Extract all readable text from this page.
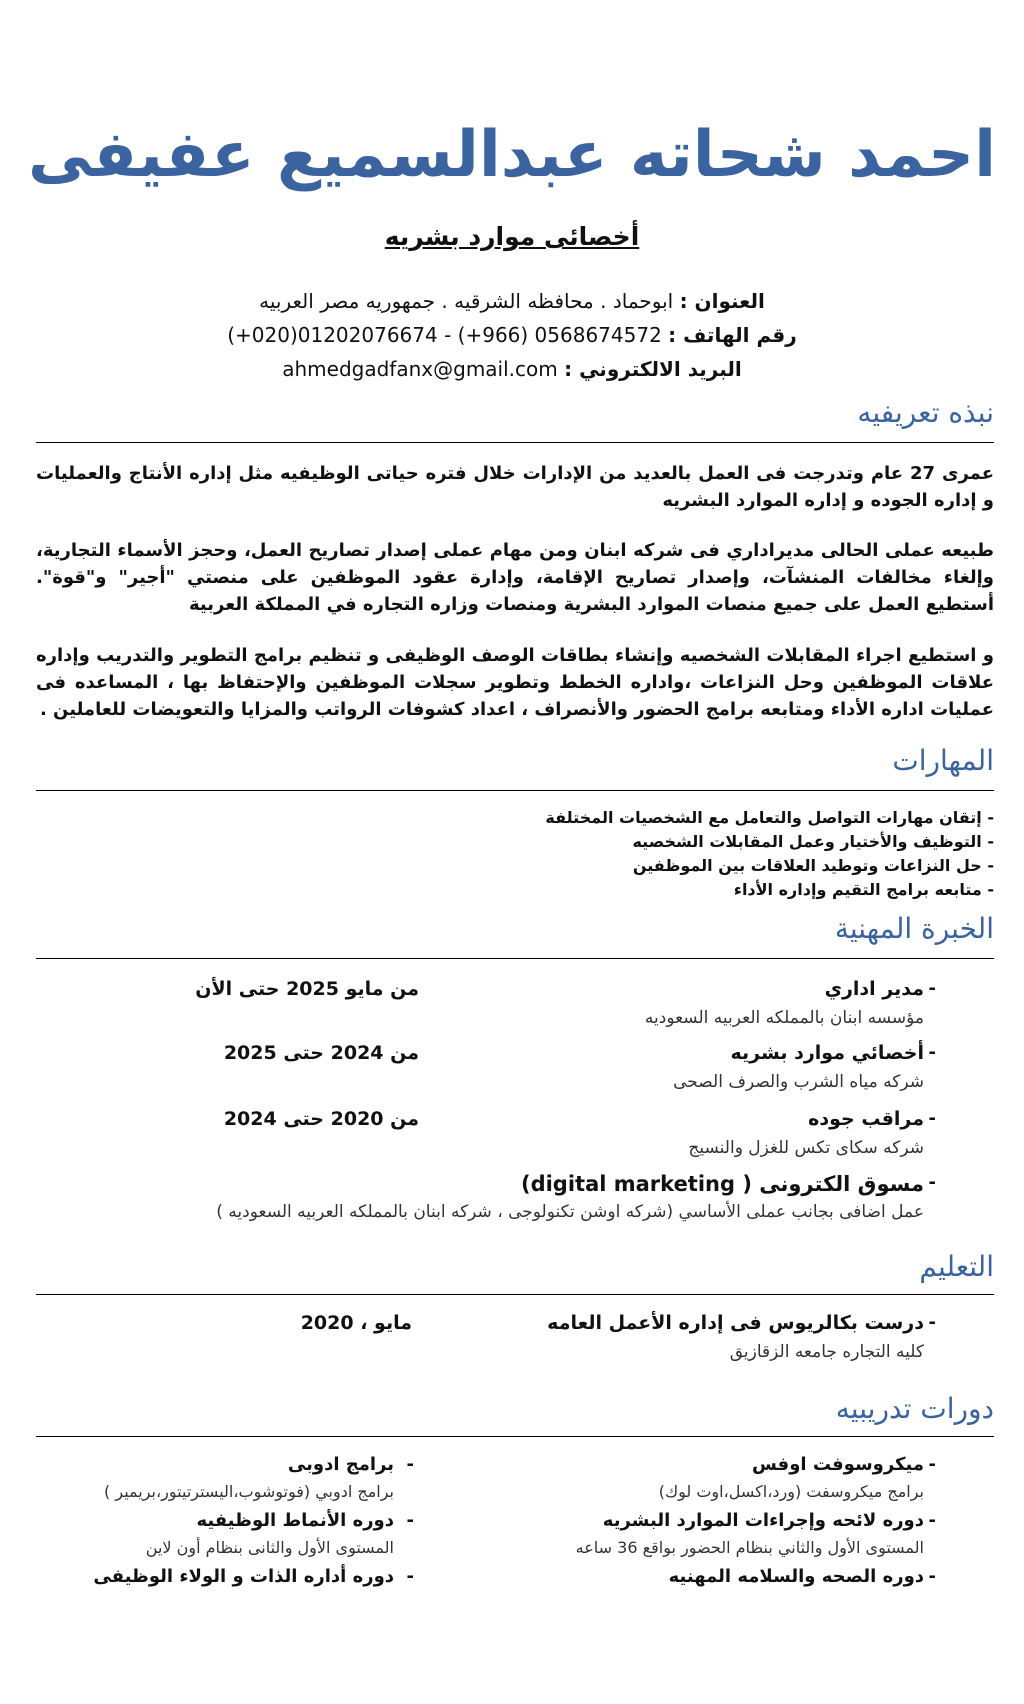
احمد شحاته عبدالسميع عفيفى
أخصائى موارد بشريه
العنوان : ابوحماد . محافظه الشرقيه . جمهوريه مصر العربيه
رقم الهاتف : (+966) 0568674572 - (+020)01202076674
البريد الالكتروني : ahmedgadfanx@gmail.com
نبذه تعريفيه
عمرى 27 عام وتدرجت فى العمل بالعديد من الإدارات خلال فتره حياتى الوظيفيه مثل إداره الأنتاج والعمليات و إداره الجوده و إداره الموارد البشريه
طبيعه عملى الحالى مديراداري فى شركه ابنان ومن مهام عملى إصدار تصاريح العمل، وحجز الأسماء التجارية، وإلغاء مخالفات المنشآت، وإصدار تصاريح الإقامة، وإدارة عقود الموظفين على منصتي "أجير" و"قوة". أستطيع العمل على جميع منصات الموارد البشرية ومنصات وزاره التجاره في المملكة العربية
و استطيع اجراء المقابلات الشخصيه وإنشاء بطاقات الوصف الوظيفى و تنظيم برامج التطوير والتدريب وإداره علاقات الموظفين وحل النزاعات ،واداره الخطط وتطوير سجلات الموظفين والإحتفاظ بها ، المساعده فى عمليات اداره الأداء ومتابعه برامج الحضور والأنصراف ، اعداد كشوفات الرواتب والمزايا والتعويضات للعاملين .
المهارات
- إتقان مهارات التواصل والتعامل مع الشخصيات المختلفة
- التوظيف والأختيار وعمل المقابلات الشخصيه
- حل النزاعات وتوطيد العلاقات بين الموظفين
- متابعه برامج التقيم وإداره الأداء
الخبرة المهنية
-
مدير اداري
من مايو 2025 حتى الأن
مؤسسه ابنان بالمملكه العربيه السعوديه
-
أخصائي موارد بشريه
من 2024 حتى 2025
شركه مياه الشرب والصرف الصحى
-
مراقب جوده
من 2020 حتى 2024
شركه سكاى تكس للغزل والنسيج
-
مسوق الكترونى ( digital marketing)
عمل اضافى بجانب عملى الأساسي (شركه اوشن تكنولوجى ، شركه ابنان بالمملكه العربيه السعوديه )
التعليم
-
درست بكالريوس فى إداره الأعمل العامه
مايو ، 2020
كليه التجاره جامعه الزقازيق
دورات تدريبيه
-
ميكروسوفت اوفس
برامج ميكروسفت (ورد،اكسل،اوت لوك)
-
دوره لائحه وإجراءات الموارد البشريه
المستوى الأول والثاني بنظام الحضور بواقع 36 ساعه
-
دوره الصحه والسلامه المهنيه
-
برامج ادوبى
برامج ادوبي (فوتوشوب،اليسترتيتور،بريمير )
-
دوره الأنماط الوظيفيه
المستوى الأول والثانى بنظام أون لاين
-
دوره أداره الذات و الولاء الوظيفى
